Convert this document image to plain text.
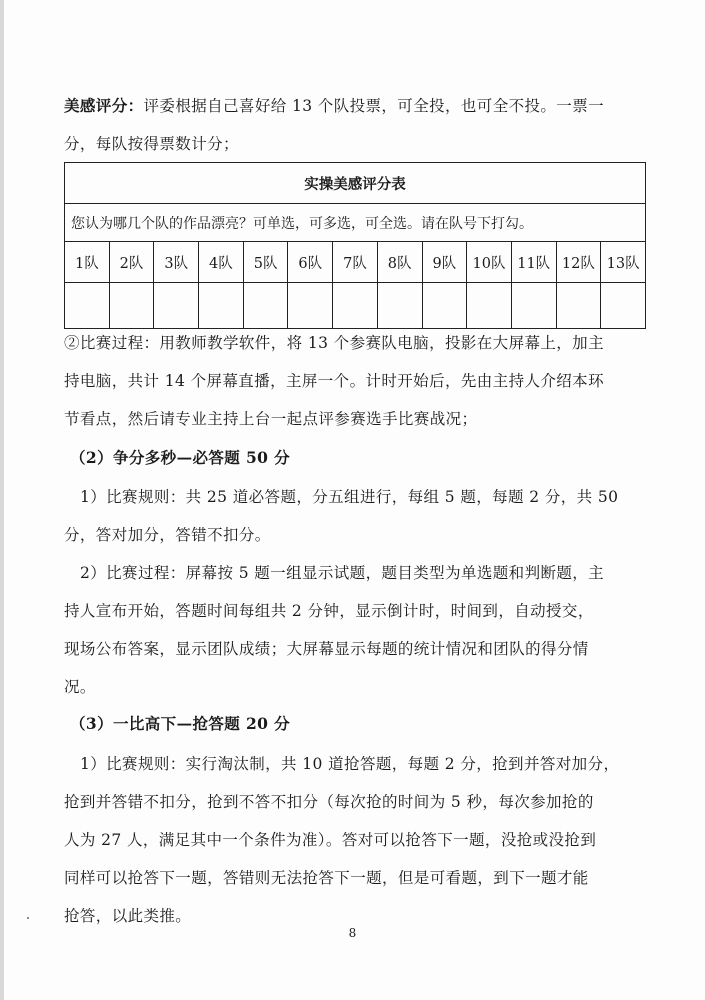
美感评分：评委根据自己喜好给 13 个队投票，可全投，也可全不投。一票一
分，每队按得票数计分；
实操美感评分表												
您认为哪几个队的作品漂亮？可单选，可多选，可全选。请在队号下打勾。												
1队	2队	3队	4队	5队	6队	7队	8队	9队	10队	11队	12队	13队

②比赛过程：用教师教学软件，将 13 个参赛队电脑，投影在大屏幕上，加主
持电脑，共计 14 个屏幕直播，主屏一个。计时开始后，先由主持人介绍本环
节看点，然后请专业主持上台一起点评参赛选手比赛战况；
（2）争分多秒—必答题 50 分
1）比赛规则：共 25 道必答题，分五组进行，每组 5 题，每题 2 分，共 50
分，答对加分，答错不扣分。
2）比赛过程：屏幕按 5 题一组显示试题，题目类型为单选题和判断题，主
持人宣布开始，答题时间每组共 2 分钟，显示倒计时，时间到，自动授交，
现场公布答案，显示团队成绩；大屏幕显示每题的统计情况和团队的得分情
况。
（3）一比高下—抢答题 20 分
1）比赛规则：实行淘汰制，共 10 道抢答题，每题 2 分，抢到并答对加分，
抢到并答错不扣分，抢到不答不扣分（每次抢的时间为 5 秒，每次参加抢的
人为 27 人，满足其中一个条件为准）。答对可以抢答下一题，没抢或没抢到
同样可以抢答下一题，答错则无法抢答下一题，但是可看题，到下一题才能
抢答，以此类推。
8
